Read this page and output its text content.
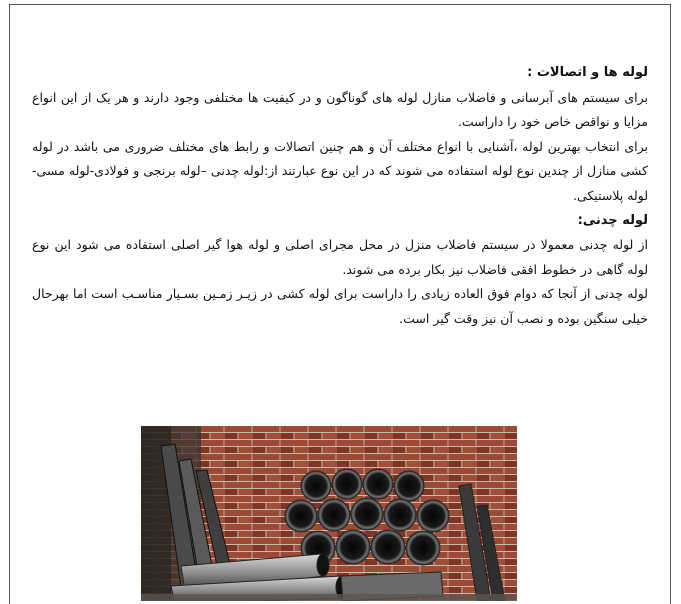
لوله ها و اتصالات :

برای سیستم های آبرسانی و فاضلاب منازل لوله های گوناگون و در کیفیت ها مختلفی وجود دارند و هر یک از این انواع مزایا و نواقص خاص خود را داراست.

برای انتخاب بهترین لوله ،آشنایی با انواع مختلف آن و هم چنین اتصالات و رابط های مختلف ضروری می باشد در لوله کشی منازل از چندین نوع لوله استفاده می شوند که در این نوع عبارتند از:لوله چدنی –لوله برنجی و فولادی-لوله مسی-لوله پلاستیکی.

لوله چدنی:

از لوله چدنی معمولا در سیستم فاضلاب منزل در محل مجرای اصلی و لوله هوا گیر اصلی استفاده می شود این نوع لوله گاهی در خطوط افقی فاضلاب نیز بکار برده می شوند.

لوله چدنی از آنجا که دوام فوق العاده زیادی را داراست برای لوله کشی در زیـر زمـین بسـیار مناسـب است اما بهرحال خیلی سنگین بوده و نصب آن نیز وقت گیر است.
